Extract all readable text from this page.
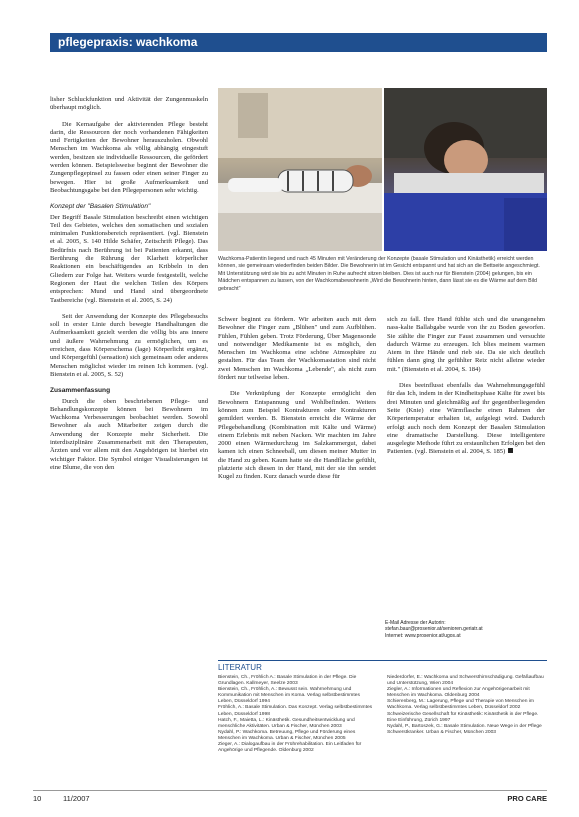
pflegepraxis: wachkoma

lisher Schluckfunktion und Aktivität der Zungenmuskeln überhaupt möglich.

Die Kernaufgabe der aktivierenden Pflege besteht darin, die Ressourcen der noch vorhandenen Fähigkeiten und Fertigkeiten der Bewohner herauszuholen. Obwohl Menschen im Wachkoma als völlig abhängig eingestuft werden, besitzen sie individuelle Ressourcen, die gefördert werden können. Beispielsweise beginnt der Bewohner die Zungenpflegepinsel zu fassen oder einen seiner Finger zu bewegen. Hier ist große Aufmerksamkeit und Beobachtungsgabe bei den Pflegepersonen sehr wichtig.

Konzept der "Basalen Stimulation"

Der Begriff Basale Stimulation beschreibt einen wichtigen Teil des Gebietes, welches den somatischen und sozialen minimalen Funktionsbereich repräsentiert. (vgl. Bienstein et al. 2005, S. 140 Hilde Schäfer, Zeitschrift Pflege). Das Bedürfnis nach Berührung ist bei Patienten erkannt, dass Berührung die Rührung der Klarheit körperlicher Reaktionen ein beschäftigendes an Kribbeln in den Gliedern zur Folge hat. Weiters wurde festgestellt, welche Regionen der Haut die welchen Teilen des Körpers entsprechen: Mund und Hand sind übergeordnete Tastbereiche (vgl. Bienstein et al. 2005, S. 24)

Seit der Anwendung der Konzepte des Pflegebesuchs soll in erster Linie durch bewegte Handhaltungen die Aufmerksamkeit gezielt werden die völlig bis ans innere und äußere Wahrnehmung zu ermöglichen, um es erreichen, dass Körperschema (lage) Körperlicht ergänzt, und Körpergefühl (sensation) sich gemeinsam oder anderes Menschen möglichst wieder im reinen Ich kommen. (vgl. Bienstein et al. 2005, S. 52)

Zusammenfassung

Durch die oben beschriebenen Pflege- und Behandlungskonzepte können bei Bewohnern im Wachkoma Verbesserungen beobachtet werden. Sowohl Bewohner als auch Mitarbeiter zeigen durch die Anwendung der Konzepte mehr Sicherheit. Die interdisziplinäre Zusammenarbeit mit den Therapeuten, Ärzten und vor allem mit den Angehörigen ist hierbei ein wichtiger Faktor. Die Symbol einiger Visualisierungen ist eine Blume, die von den

Wachkoma-Patientin liegend und nach 45 Minuten mit Veränderung der Konzepte (basale Stimulation und Kinästhetik) erreicht werden können, sie gemeinsam wiederfinden beiden Bilder. Die Bewohnerin ist im Gesicht entspannt und hat sich an die Bettseite angeschmiegt. Mit Unterstützung wird sie bis zu acht Minuten in Ruhe aufrecht sitzen bleiben. Dies ist auch nur für Bienstein (2004) gelungen, bis ein Mädchen entspannen zu lassen, von der Wachkomabewohnerin „Wird die Bewohnerin hinten, dann lässt sie es die Wärme auf dem Bild gebracht"

Schwer beginnt zu fördern. Wir arbeiten auch mit dem Bewohner die Finger zum „Blühen" und zum Aufblühen. Fühlen, Fühlen geben. Trotz Förderung, Über Magensonde und notwendiger Medikamente ist es möglich, den Menschen im Wachkoma eine schöne Atmosphäre zu gestalten. Für das Team der Wachkomastation sind nicht zwei Menschen im Wachkoma „Lebende", als nicht zum fördert nur teilweise leben.

Die Verknüpfung der Konzepte ermöglicht den Bewohnern Entspannung und Wohlbefinden. Weiters können zum Beispiel Kontrakturen oder Kontrakturen gemildert werden. B. Bienstein erreicht die Wärme der Pflegebehandlung (Kombination mit Kälte und Wärme) einem Erlebnis mit neben Nacken. Wir machten im Jahre 2000 einen Wärmedurchzug im Salzkammergut, dabei kamen ich einen Schneeball, um diesen meiner Mutter in die Hand zu geben. Kaum hatte sie die Handfläche gefühlt, platzierte sich diesen in der Hand, mit der sie ihn sendet Kugel zu finden. Kurz danach wurde diese für

sich zu fall. Ihre Hand fühlte sich und die unangenehm nass-kalte Ballabgabe wurde von ihr zu Boden geworfen. Sie zählte die Finger zur Faust zusammen und versuchte dadurch Wärme zu erzeugen. Ich blies meinem warmen Atem in ihre Hände und rieb sie. Da sie sich deutlich fühlen dann ging ihr gefühlter Reiz nicht alleine wieder mit." (Bienstein et al. 2004, S. 184)

Dies beeinflusst ebenfalls das Wahrnehmungsgefühl für das Ich, indem in der Kindheitsphase Kälte für zwei bis drei Minuten und gleichmäßig auf ihr gegenüberliegenden Seite (Knie) eine Wärmflasche einen Rahmen der Körpertemperatur erhalten ist, aufgelegt wird. Dadurch erfolgt auch noch dem Konzept der Basalen Stimulation eine dramatische Darstellung. Diese intelligentere ausgelegte Methode führt zu erstaunlichen Erfolgen bei den Patienten. (vgl. Bienstein et al. 2004, S. 185)

E-Mail Adresse der Autorin:
stefan.baur@prosenior.at/senioren.geriatr.at
Internet: www.prosenior.at/ugos.at
LITERATUR

Bienstein, Ch., Fröhlich A.: Basale Stimulation in der Pflege. Die Grundlagen. Kallmeyer, Seelze 2003

Bienstein, Ch., Fröhlich, A.: Bewusst sein. Wahrnehmung und Kommunikation mit Menschen im Koma. Verlag selbstbestimmtes Leben, Düsseldorf 1994

Fröhlich, A.: Basale Stimulation. Das Konzept. Verlag selbstbestimmtes Leben, Düsseldorf 1998

Hatch, F., Maietta, L.: Kinästhetik. Gesundheitsentwicklung und menschliche Aktivitäten. Urban & Fischer, München 2003

Nydahl, P.: Wachkoma. Betreuung, Pflege und Förderung eines Menschen im Wachkoma. Urban & Fischer, München 2005

Zieger, A.: Dialogaufbau in der Frührehabilitation. Ein Leitfaden für Angehörige und Pflegende. Oldenburg 2002

Niederdorfer, E.: Wachkoma und Schwersthirnschädigung. Gefäßaufbau und Unterstützung, Wien 2004

Ziegler, A.: Informationen und Reflexion zur Angehörigenarbeit mit Menschen im Wachkoma. Oldenburg 2004

Schierenberg, M.: Lagerung, Pflege und Therapie von Menschen im Wachkoma. Verlag selbstbestimmtes Leben, Düsseldorf 2002

Schweizerische Gesellschaft für Kinästhetik: Kinästhetik in der Pflege. Eine Einführung, Zürich 1997

Nydahl, P., Bartoszek, G.: Basale Stimulation. Neue Wege in der Pflege Schwerstkranker. Urban & Fischer, München 2003

10	11/2007	PRO CARE
